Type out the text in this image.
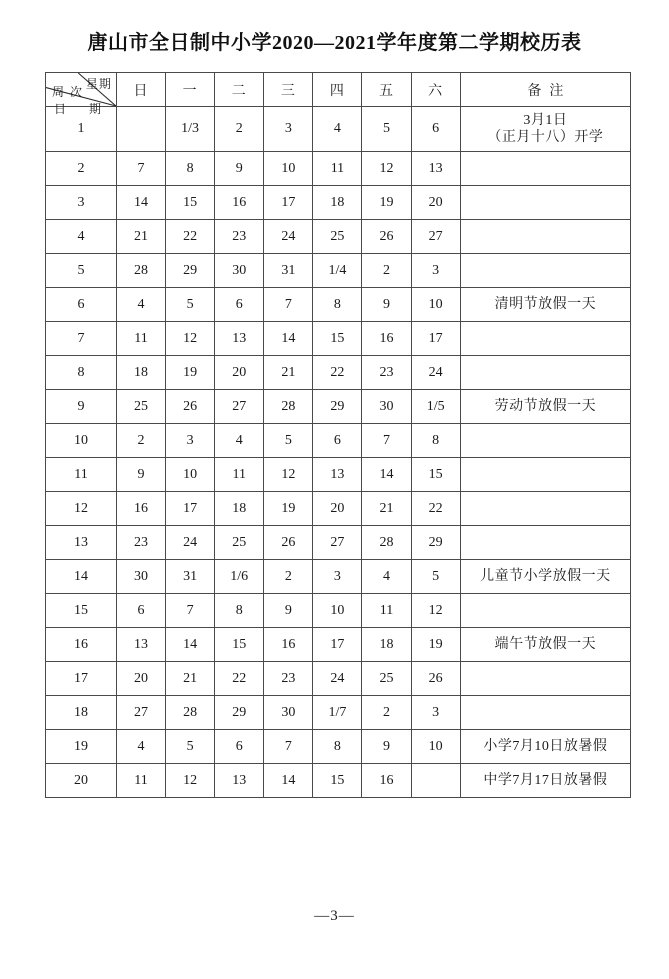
唐山市全日制中小学2020—2021学年度第二学期校历表
星期
日 期
周次	日	一	二	三	四	五	六	备注
1		1/3	2	3	4	5	6	3月1日
（正月十八）开学

2	7	8	9	10	11	12	13	

3	14	15	16	17	18	19	20	

4	21	22	23	24	25	26	27	

5	28	29	30	31	1/4	2	3	

6	4	5	6	7	8	9	10	清明节放假一天

7	11	12	13	14	15	16	17	

8	18	19	20	21	22	23	24	

9	25	26	27	28	29	30	1/5	劳动节放假一天

10	2	3	4	5	6	7	8	

11	9	10	11	12	13	14	15	

12	16	17	18	19	20	21	22	

13	23	24	25	26	27	28	29	

14	30	31	1/6	2	3	4	5	儿童节小学放假一天

15	6	7	8	9	10	11	12	

16	13	14	15	16	17	18	19	端午节放假一天

17	20	21	22	23	24	25	26	

18	27	28	29	30	1/7	2	3	

19	4	5	6	7	8	9	10	小学7月10日放暑假

20	11	12	13	14	15	16		中学7月17日放暑假
—3—
